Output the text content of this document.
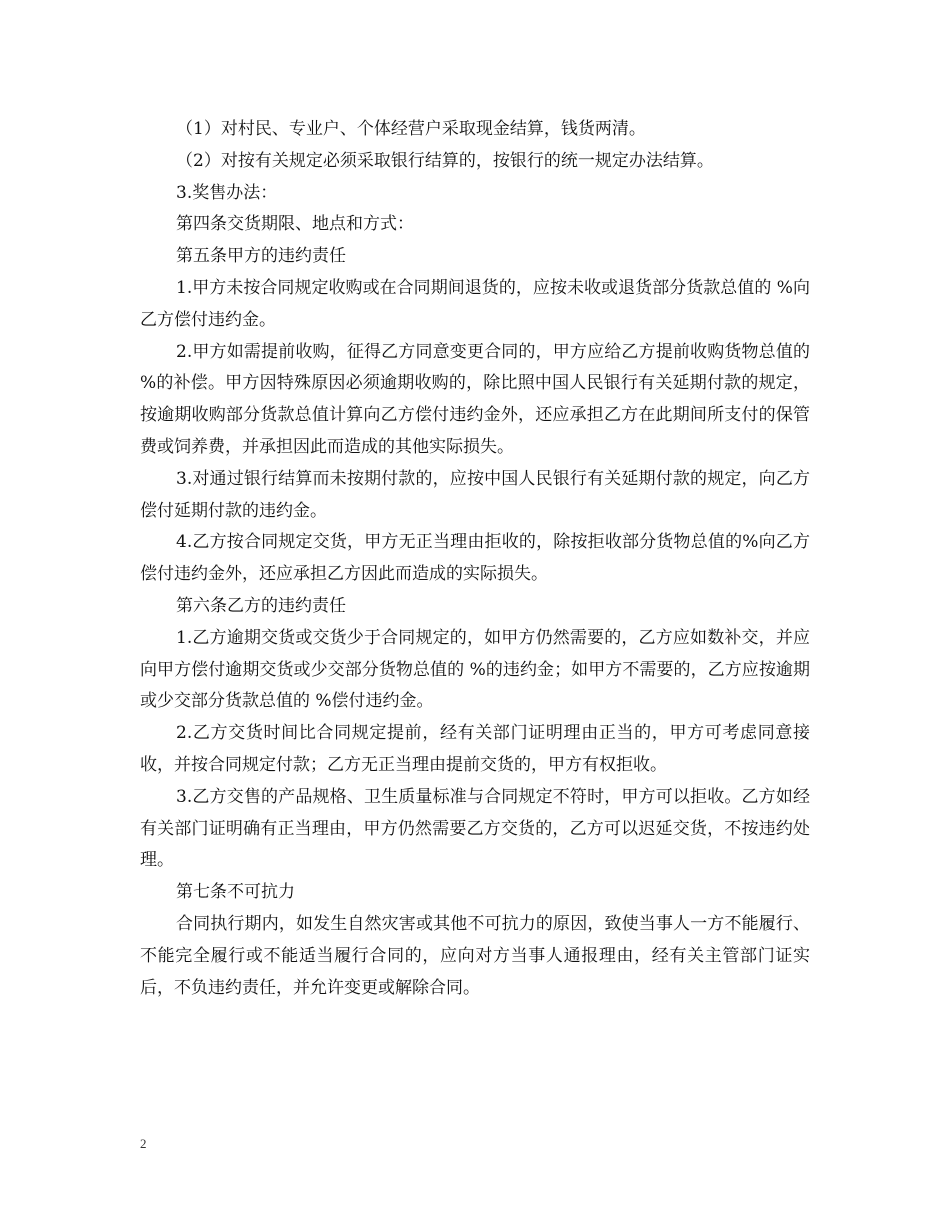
（1）对村民、专业户、个体经营户采取现金结算，钱货两清。

（2）对按有关规定必须采取银行结算的，按银行的统一规定办法结算。

3.奖售办法：

第四条交货期限、地点和方式：

第五条甲方的违约责任

1.甲方未按合同规定收购或在合同期间退货的，应按未收或退货部分货款总值的 %向乙方偿付违约金。

2.甲方如需提前收购，征得乙方同意变更合同的，甲方应给乙方提前收购货物总值的 %的补偿。甲方因特殊原因必须逾期收购的，除比照中国人民银行有关延期付款的规定，按逾期收购部分货款总值计算向乙方偿付违约金外，还应承担乙方在此期间所支付的保管费或饲养费，并承担因此而造成的其他实际损失。

3.对通过银行结算而未按期付款的，应按中国人民银行有关延期付款的规定，向乙方偿付延期付款的违约金。

4.乙方按合同规定交货，甲方无正当理由拒收的，除按拒收部分货物总值的%向乙方偿付违约金外，还应承担乙方因此而造成的实际损失。

第六条乙方的违约责任

1.乙方逾期交货或交货少于合同规定的，如甲方仍然需要的，乙方应如数补交，并应向甲方偿付逾期交货或少交部分货物总值的 %的违约金；如甲方不需要的，乙方应按逾期或少交部分货款总值的 %偿付违约金。

2.乙方交货时间比合同规定提前，经有关部门证明理由正当的，甲方可考虑同意接收，并按合同规定付款；乙方无正当理由提前交货的，甲方有权拒收。

3.乙方交售的产品规格、卫生质量标准与合同规定不符时，甲方可以拒收。乙方如经有关部门证明确有正当理由，甲方仍然需要乙方交货的，乙方可以迟延交货，不按违约处理。

第七条不可抗力

合同执行期内，如发生自然灾害或其他不可抗力的原因，致使当事人一方不能履行、不能完全履行或不能适当履行合同的，应向对方当事人通报理由，经有关主管部门证实后，不负违约责任，并允许变更或解除合同。

2
